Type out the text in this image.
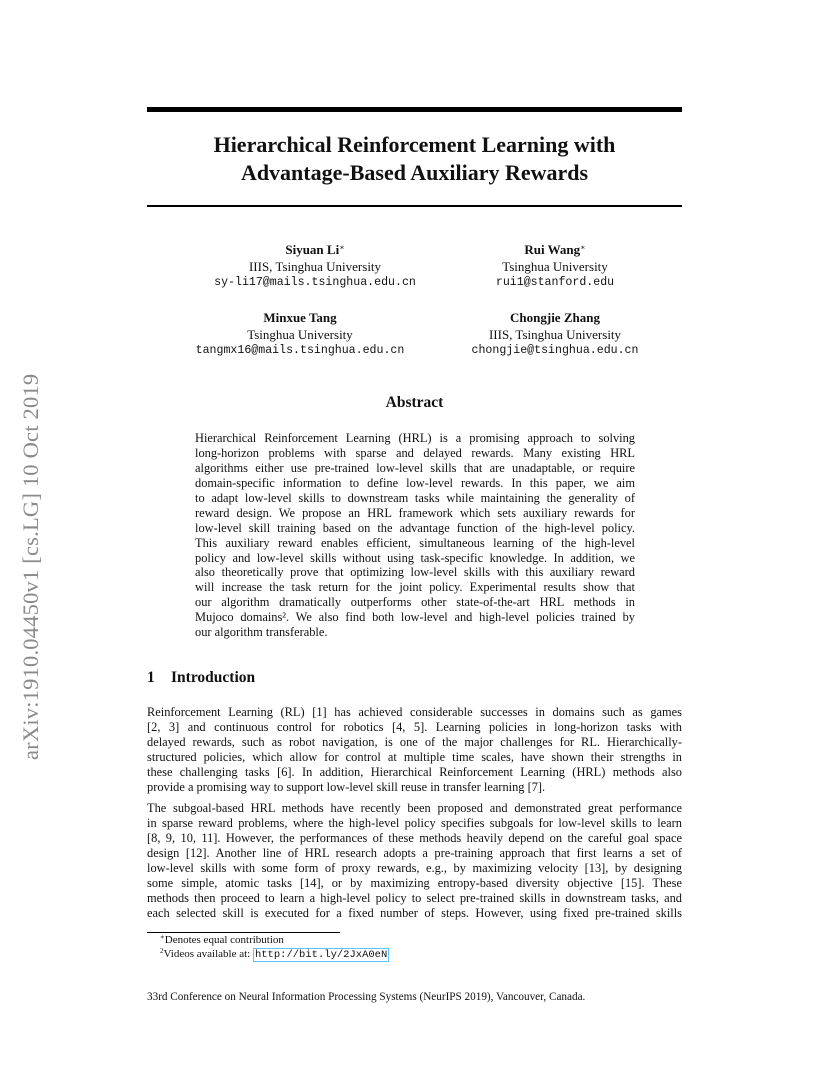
arXiv:1910.04450v1 [cs.LG] 10 Oct 2019
Hierarchical Reinforcement Learning with
Advantage-Based Auxiliary Rewards
Siyuan Li∗
IIIS, Tsinghua University
sy-li17@mails.tsinghua.edu.cn
Rui Wang∗
Tsinghua University
rui1@stanford.edu
Minxue Tang
Tsinghua University
tangmx16@mails.tsinghua.edu.cn
Chongjie Zhang
IIIS, Tsinghua University
chongjie@tsinghua.edu.cn
Abstract
Hierarchical Reinforcement Learning (HRL) is a promising approach to solving
long-horizon problems with sparse and delayed rewards. Many existing HRL
algorithms either use pre-trained low-level skills that are unadaptable, or require
domain-specific information to define low-level rewards. In this paper, we aim
to adapt low-level skills to downstream tasks while maintaining the generality of
reward design. We propose an HRL framework which sets auxiliary rewards for
low-level skill training based on the advantage function of the high-level policy.
This auxiliary reward enables efficient, simultaneous learning of the high-level
policy and low-level skills without using task-specific knowledge. In addition, we
also theoretically prove that optimizing low-level skills with this auxiliary reward
will increase the task return for the joint policy. Experimental results show that
our algorithm dramatically outperforms other state-of-the-art HRL methods in
Mujoco domains². We also find both low-level and high-level policies trained by
our algorithm transferable.
1 Introduction
Reinforcement Learning (RL) [1] has achieved considerable successes in domains such as games
[2, 3] and continuous control for robotics [4, 5]. Learning policies in long-horizon tasks with
delayed rewards, such as robot navigation, is one of the major challenges for RL. Hierarchically-
structured policies, which allow for control at multiple time scales, have shown their strengths in
these challenging tasks [6]. In addition, Hierarchical Reinforcement Learning (HRL) methods also
provide a promising way to support low-level skill reuse in transfer learning [7].
The subgoal-based HRL methods have recently been proposed and demonstrated great performance
in sparse reward problems, where the high-level policy specifies subgoals for low-level skills to learn
[8, 9, 10, 11]. However, the performances of these methods heavily depend on the careful goal space
design [12]. Another line of HRL research adopts a pre-training approach that first learns a set of
low-level skills with some form of proxy rewards, e.g., by maximizing velocity [13], by designing
some simple, atomic tasks [14], or by maximizing entropy-based diversity objective [15]. These
methods then proceed to learn a high-level policy to select pre-trained skills in downstream tasks, and
each selected skill is executed for a fixed number of steps. However, using fixed pre-trained skills
∗Denotes equal contribution
$^2$Videos available at: http://bit.ly/2JxA0eN
33rd Conference on Neural Information Processing Systems (NeurIPS 2019), Vancouver, Canada.
